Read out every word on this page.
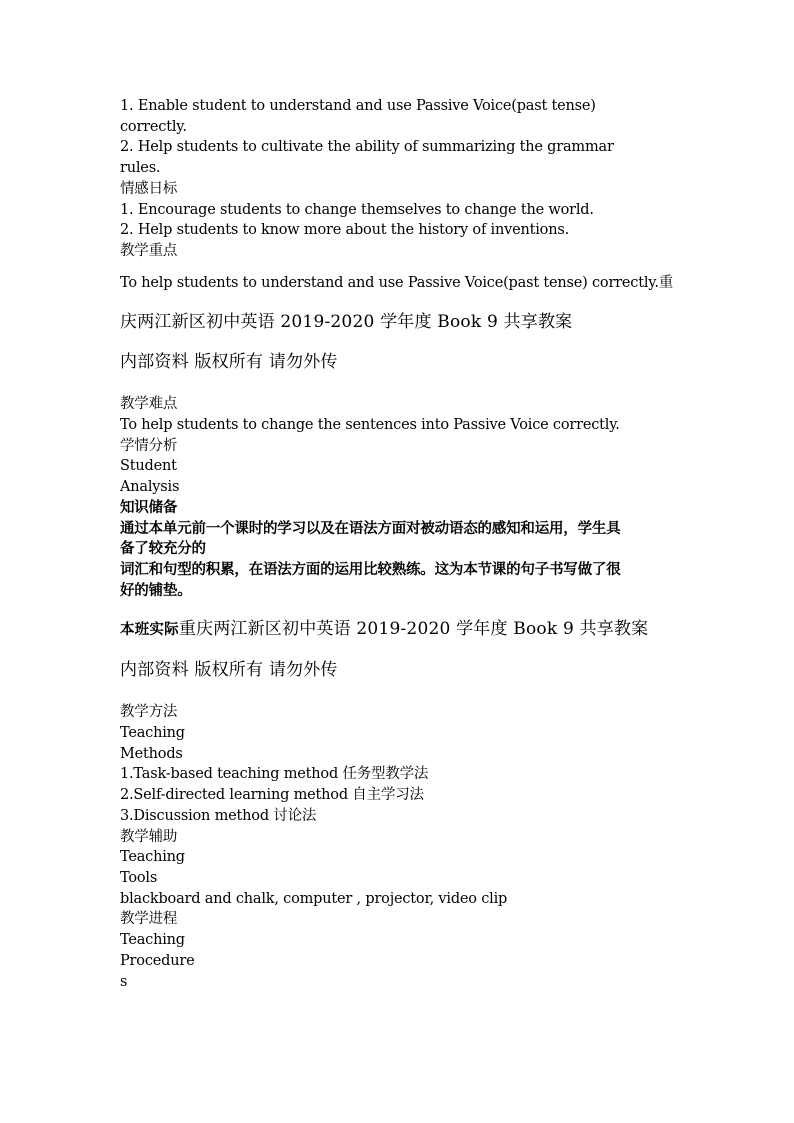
1. Enable student to understand and use Passive Voice(past tense)
correctly.
2. Help students to cultivate the ability of summarizing the grammar
rules.
情感日标
1. Encourage students to change themselves to change the world.
2. Help students to know more about the history of inventions.
教学重点
To help students to understand and use Passive Voice(past tense) correctly.重
庆两江新区初中英语 2019-2020 学年度 Book 9 共享教案
内部资料 版权所有 请勿外传
教学难点
To help students to change the sentences into Passive Voice correctly.
学情分析
Student
Analysis
知识储备
通过本单元前一个课时的学习以及在语法方面对被动语态的感知和运用，学生具
备了较充分的
词汇和句型的积累，在语法方面的运用比较熟练。这为本节课的句子书写做了很
好的铺垫。
本班实际重庆两江新区初中英语 2019-2020 学年度 Book 9 共享教案
内部资料 版权所有 请勿外传
教学方法
Teaching
Methods
1.Task-based teaching method 任务型教学法
2.Self-directed learning method 自主学习法
3.Discussion method 讨论法
教学辅助
Teaching
Tools
blackboard and chalk, computer , projector, video clip
教学进程
Teaching
Procedure
s
